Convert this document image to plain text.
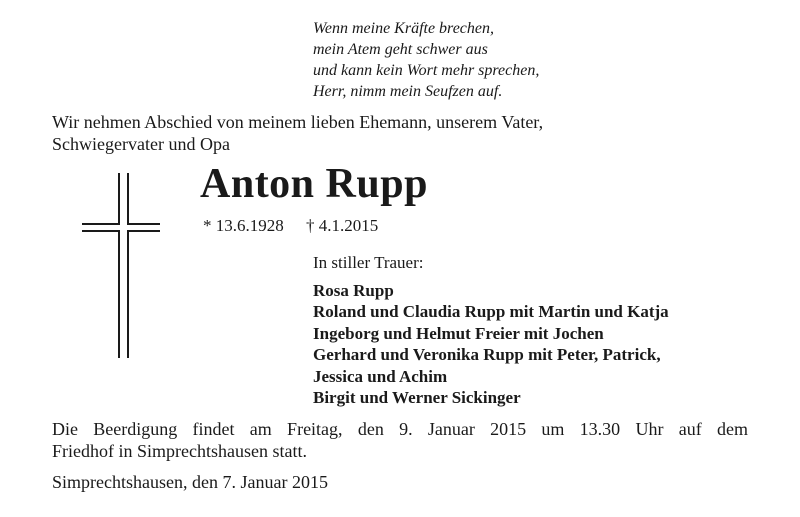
Wenn meine Kräfte brechen,
mein Atem geht schwer aus
und kann kein Wort mehr sprechen,
Herr, nimm mein Seufzen auf.
Wir nehmen Abschied von meinem lieben Ehemann, unserem Vater,
Schwiegervater und Opa
Anton Rupp
* 13.6.1928 † 4.1.2015
In stiller Trauer:
Rosa Rupp
Roland und Claudia Rupp mit Martin und Katja
Ingeborg und Helmut Freier mit Jochen
Gerhard und Veronika Rupp mit Peter, Patrick,
Jessica und Achim
Birgit und Werner Sickinger
Die Beerdigung findet am Freitag, den 9. Januar 2015 um 13.30 Uhr auf dem
Friedhof in Simprechtshausen statt.
Simprechtshausen, den 7. Januar 2015
